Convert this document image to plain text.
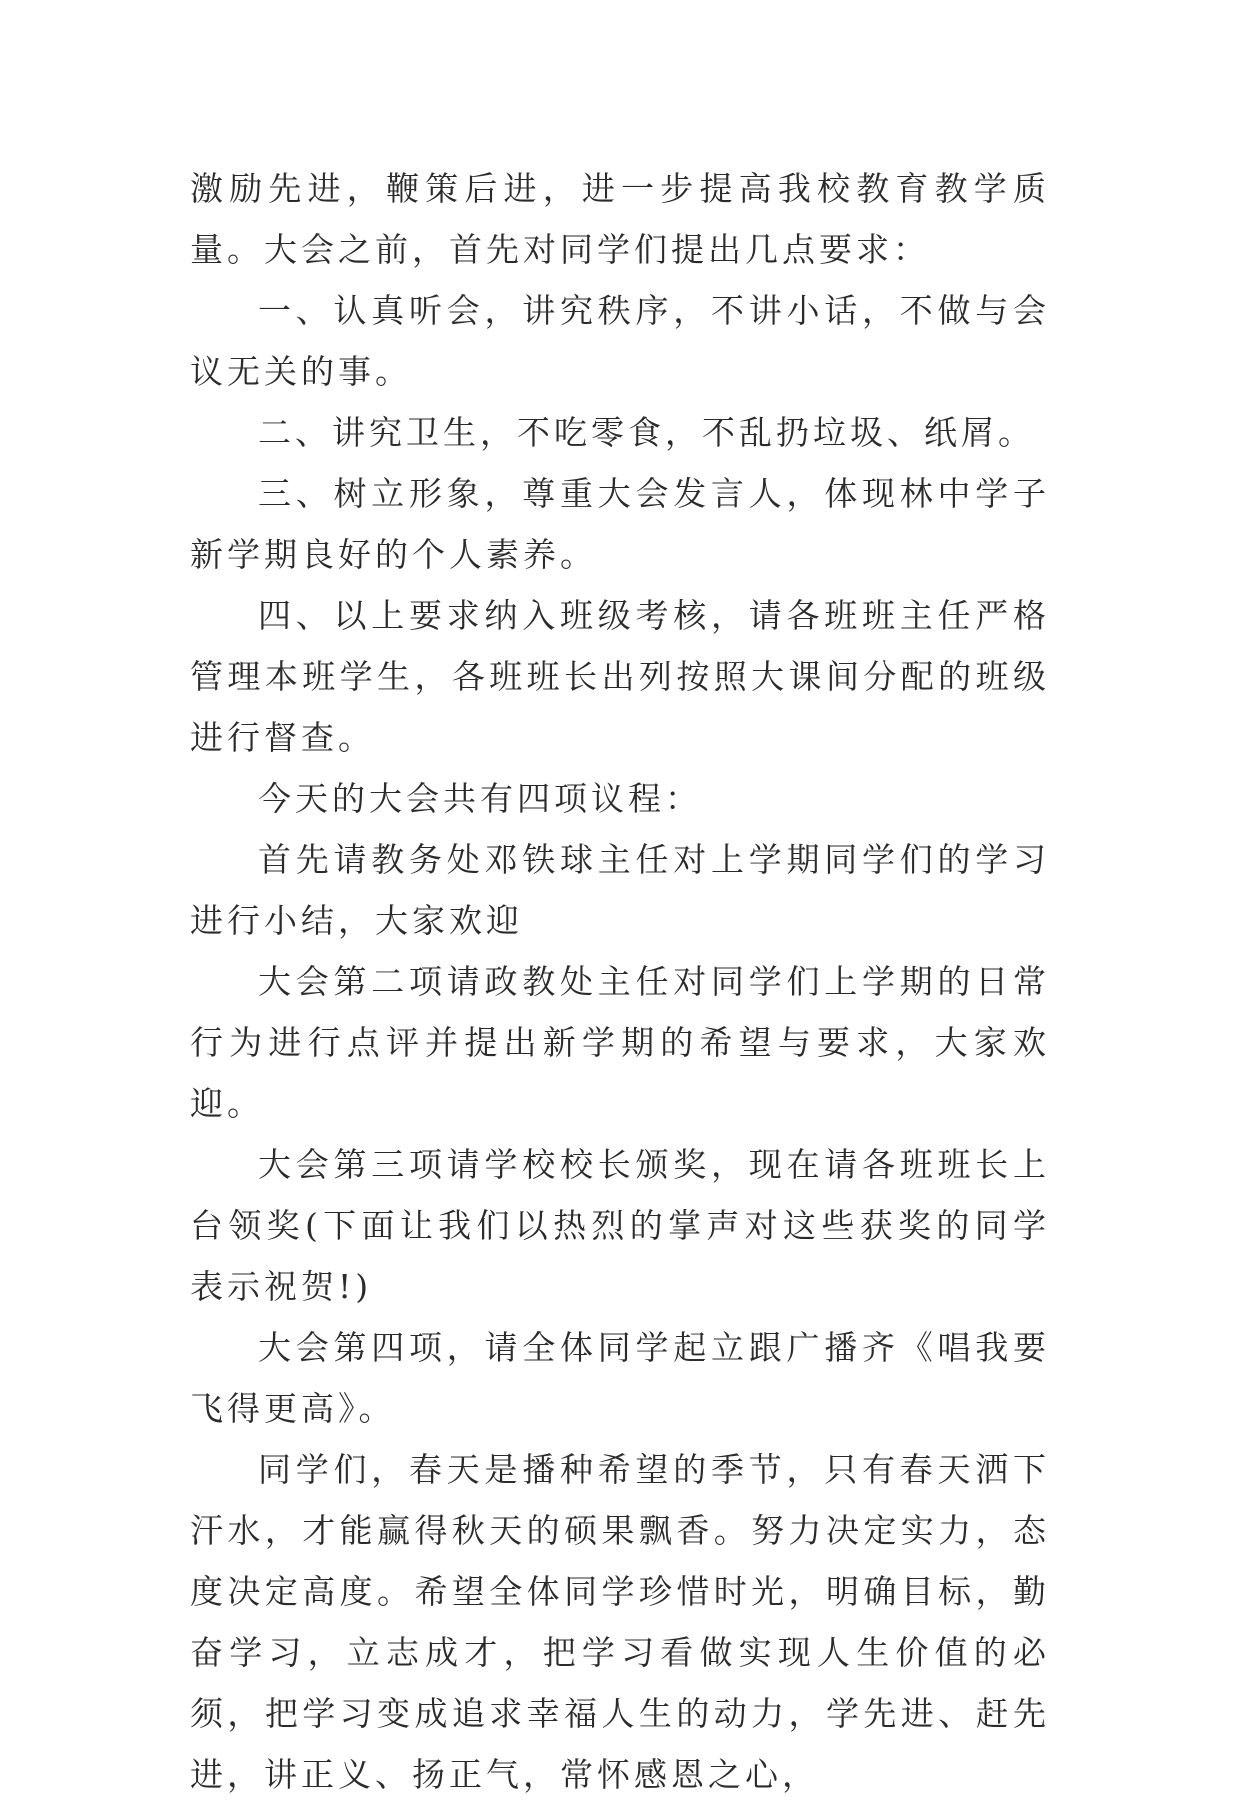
激励先进，鞭策后进，进一步提高我校教育教学质量。大会之前，首先对同学们提出几点要求：

一、认真听会，讲究秩序，不讲小话，不做与会议无关的事。

二、讲究卫生，不吃零食，不乱扔垃圾、纸屑。

三、树立形象，尊重大会发言人，体现林中学子新学期良好的个人素养。

四、以上要求纳入班级考核，请各班班主任严格管理本班学生，各班班长出列按照大课间分配的班级进行督查。

今天的大会共有四项议程：

首先请教务处邓铁球主任对上学期同学们的学习进行小结，大家欢迎

大会第二项请政教处主任对同学们上学期的日常行为进行点评并提出新学期的希望与要求，大家欢迎。

大会第三项请学校校长颁奖，现在请各班班长上台领奖(下面让我们以热烈的掌声对这些获奖的同学表示祝贺!)

大会第四项，请全体同学起立跟广播齐《唱我要飞得更高》。

同学们，春天是播种希望的季节，只有春天洒下汗水，才能赢得秋天的硕果飘香。努力决定实力，态度决定高度。希望全体同学珍惜时光，明确目标，勤奋学习，立志成才，把学习看做实现人生价值的必须，把学习变成追求幸福人生的动力，学先进、赶先进，讲正义、扬正气，常怀感恩之心，
